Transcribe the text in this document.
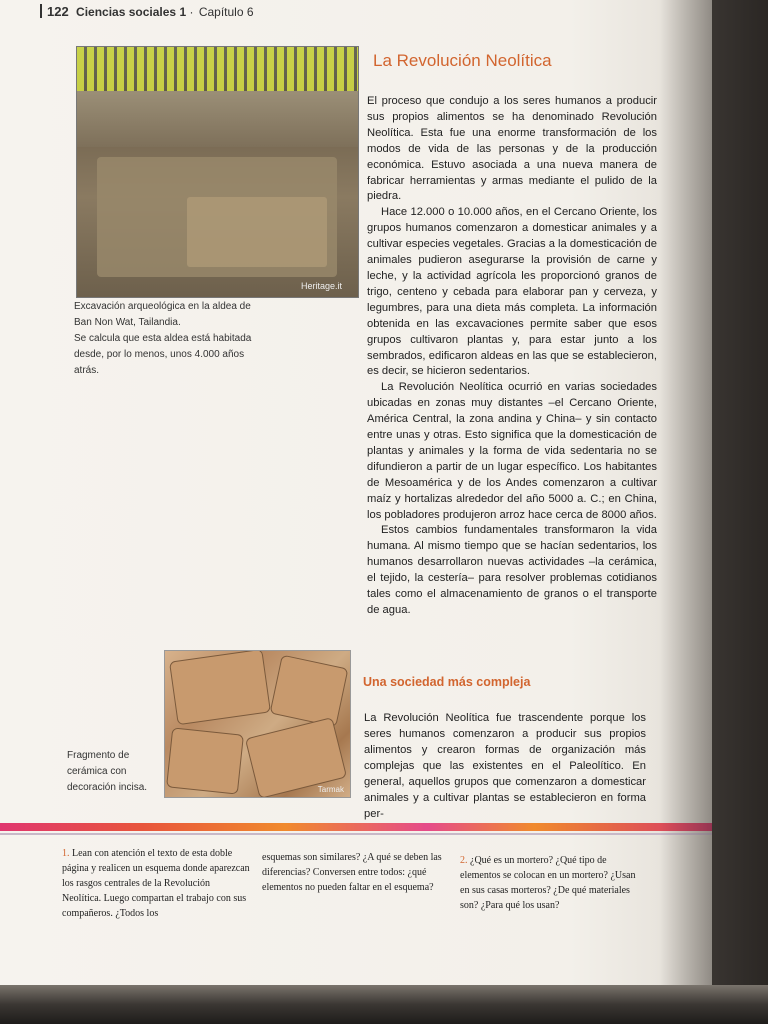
122 Ciencias sociales 1 · Capítulo 6
Heritage.it

Excavación arqueológica en la aldea de

Ban Non Wat, Tailandia.

Se calcula que esta aldea está habitada

desde, por lo menos, unos 4.000 años

atrás.

La Revolución Neolítica

El proceso que condujo a los seres humanos a producir sus propios alimentos se ha denominado Revolución Neolítica. Esta fue una enorme transformación de los modos de vida de las personas y de la producción económica. Estuvo asociada a una nueva manera de fabricar herramientas y armas mediante el pulido de la piedra.

Hace 12.000 o 10.000 años, en el Cercano Oriente, los grupos humanos comenzaron a domesticar animales y a cultivar especies vegetales. Gracias a la domesticación de animales pudieron asegurarse la provisión de carne y leche, y la actividad agrícola les proporcionó granos de trigo, centeno y cebada para elaborar pan y cerveza, y legumbres, para una dieta más completa. La información obtenida en las excavaciones permite saber que esos grupos cultivaron plantas y, para estar junto a los sembrados, edificaron aldeas en las que se establecieron, es decir, se hicieron sedentarios.

La Revolución Neolítica ocurrió en varias sociedades ubicadas en zonas muy distantes –el Cercano Oriente, América Central, la zona andina y China– y sin contacto entre unas y otras. Esto significa que la domesticación de plantas y animales y la forma de vida sedentaria no se difundieron a partir de un lugar específico. Los habitantes de Mesoamérica y de los Andes comenzaron a cultivar maíz y hortalizas alrededor del año 5000 a. C.; en China, los pobladores produjeron arroz hace cerca de 8000 años.

Estos cambios fundamentales transformaron la vida humana. Al mismo tiempo que se hacían sedentarios, los humanos desarrollaron nuevas actividades –la cerámica, el tejido, la cestería– para resolver problemas cotidianos tales como el almacenamiento de granos o el transporte de agua.

Tarmak
Fragmento de
cerámica con
decoración incisa.
Una sociedad más compleja

La Revolución Neolítica fue trascendente porque los seres humanos comenzaron a producir sus propios alimentos y crearon formas de organización más complejas que las existentes en el Paleolítico. En general, aquellos grupos que comenzaron a domesticar animales y a cultivar plantas se establecieron en forma per-

1. Lean con atención el texto de esta doble página y realicen un esquema donde aparezcan los rasgos centrales de la Revolución Neolítica. Luego compartan el trabajo con sus compañeros. ¿Todos los
esquemas son similares? ¿A qué se deben las diferencias? Conversen entre todos: ¿qué elementos no pueden faltar en el esquema?
2. ¿Qué es un mortero? ¿Qué tipo de elementos se colocan en un mortero? ¿Usan en sus casas morteros? ¿De qué materiales son? ¿Para qué los usan?
